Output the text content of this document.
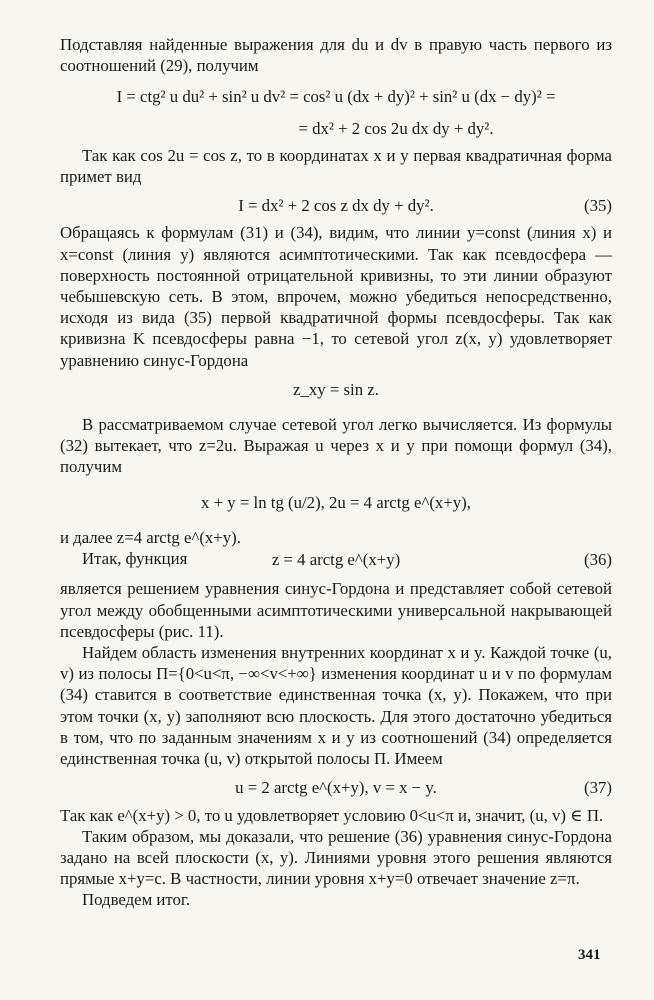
Подставляя найденные выражения для du и dv в правую часть первого из соотношений (29), получим

I = ctg² u du² + sin² u dv² = cos² u (dx + dy)² + sin² u (dx − dy)² =
= dx² + 2 cos 2u dx dy + dy².

Так как cos 2u = cos z, то в координатах x и y первая квадратичная форма примет вид

I = dx² + 2 cos z dx dy + dy².	(35)

Обращаясь к формулам (31) и (34), видим, что линии y=const (линия x) и x=const (линия y) являются асимптотическими. Так как псевдосфера — поверхность постоянной отрицательной кривизны, то эти линии образуют чебышевскую сеть. В этом, впрочем, можно убедиться непосредственно, исходя из вида (35) первой квадратичной формы псевдосферы. Так как кривизна K псевдосферы равна −1, то сетевой угол z(x, y) удовлетворяет уравнению синус-Гордона

z_xy = sin z.

В рассматриваемом случае сетевой угол легко вычисляется. Из формулы (32) вытекает, что z=2u. Выражая u через x и y при помощи формул (34), получим

x + y = ln tg (u/2), 2u = 4 arctg e^(x+y),

и далее z=4 arctg e^(x+y).

Итак, функция	z = 4 arctg e^(x+y)	(36)

является решением уравнения синус-Гордона и представляет собой сетевой угол между обобщенными асимптотическими универсальной накрывающей псевдосферы (рис. 11).

Найдем область изменения внутренних координат x и y. Каждой точке (u, v) из полосы П={0<u<π, −∞<v<+∞} изменения координат u и v по формулам (34) ставится в соответствие единственная точка (x, y). Покажем, что при этом точки (x, y) заполняют всю плоскость. Для этого достаточно убедиться в том, что по заданным значениям x и y из соотношений (34) определяется единственная точка (u, v) открытой полосы П. Имеем

u = 2 arctg e^(x+y), v = x − y.	(37)

Так как e^(x+y) > 0, то u удовлетворяет условию 0<u<π и, значит, (u, v) ∈ П.

Таким образом, мы доказали, что решение (36) уравнения синус-Гордона задано на всей плоскости (x, y). Линиями уровня этого решения являются прямые x+y=c. В частности, линии уровня x+y=0 отвечает значение z=π.

Подведем итог.

341
